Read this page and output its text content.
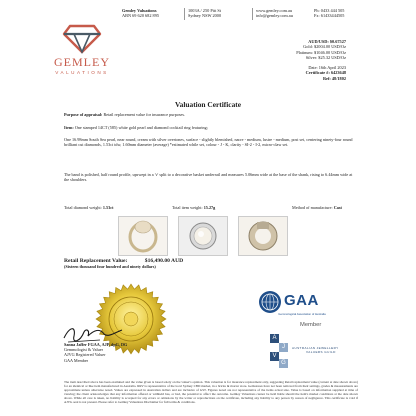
Gemley Valuations
ABN 69 620 682 895
1003A / 250 Pitt St
Sydney NSW 2000
www.gemley.com.au	Ph: 0433 444 505
info@gemley.com.au	Fx: 61433444505
GEMLEY
VALUATIONS
AUD/USD: $0.67527
Gold: $2004.00 USD/Oz
Platinum: $1046.00 USD/Oz
Silver: $25.32 USD/Oz
Date: 16th April 2023
Certificate #: 6423648
Ref: 48/1802
Valuation Certificate
Purpose of appraisal: Retail replacement value for insurance purposes.
Item: One stamped 14CT (585) white gold pearl and diamond cocktail ring featuring;
One 16.98mm South Sea pearl, near round, cream with silver overtones, surface - slightly blemished, nacre - medium, lustre - medium, post set, centering ninety-four round brilliant cut diamonds, 1.53ct tdw, 1.60mm diameter (average) *estimated while set, colour - J - K, clarity - SI-2 - I-2, micro-claw set.
The band is polished, half round profile, upswept in a 'v' split to a decorative basket underrail and measures 5.06mm wide at the base of the shank, rising to 6.44mm wide at the shoulders.
Total diamond weight: 1.53ct	Total item weight: 15.27g	Method of manufacture: Cast
Retail Replacement Value:	$16,490.00 AUD
(Sixteen thousand four hundred and ninety dollars)
Sanna Jaffer FGAA, AJP, dpG, DG
Gemmologist & Valuer
AJVG Registered Valuer
GAA Member
GAA
Gemmological Association of Australia
Member
A
J
V
G
AUSTRALIAN JEWELLERY
VALUERS GUILD
The item described above has been examined and the value given is based solely on the valuer's opinion. This valuation is for insurance replacement only, suggesting Retail replacement value (current at date shown above) for an identical or like item manufactured in Australia. RRV is representative of the local Sydney CBD market, in a bricks & mortar store. Gemstones have not been removed from their settings, grades & measurements are approximate unless otherwise noted. Values are expressed in Australian dollars and are inclusive of GST. Figures noted are not representative of the items actual size. Value is based on information supplied at time of viewing; the client acknowledges that any information offered or withheld has, or had, the potential to affect the outcome. Gemley Valuations cannot be held liable should the item's market conditions at the date shown above. While all care is taken, no liability is accepted for any errors or omissions by the writer or reproductions on the certificate, including any liability to any person by reason of negligence. This certificate is void if AJVG seal is not present. Please refer to Gemley Valuations Disclaimer for full terms & conditions.
